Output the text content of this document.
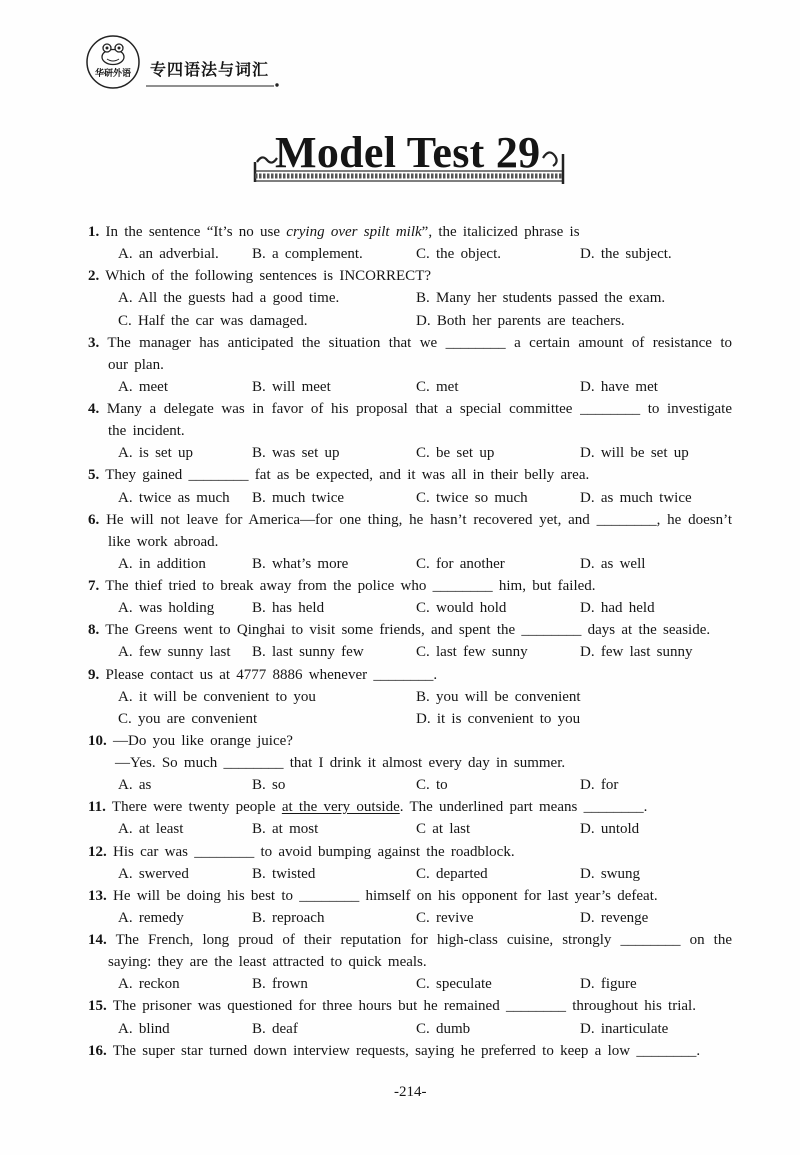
华研外语 专四语法与词汇
Model Test 29
1. In the sentence “It’s no use crying over spilt milk”, the italicized phrase is
A. an adverbial. B. a complement.	C. the object.	D. the subject.
2. Which of the following sentences is INCORRECT?
A. All the guests had a good time.	B. Many her students passed the exam.
C. Half the car was damaged.	D. Both her parents are teachers.
3. The manager has anticipated the situation that we ________ a certain amount of resistance to
our plan.
A. meet	B. will meet	C. met	D. have met
4. Many a delegate was in favor of his proposal that a special committee ________ to investigate
the incident.
A. is set up	B. was set up	C. be set up	D. will be set up
5. They gained ________ fat as be expected, and it was all in their belly area.
A. twice as much B. much twice	C. twice so much	D. as much twice
6. He will not leave for America—for one thing, he hasn’t recovered yet, and ________, he doesn’t
like work abroad.
A. in addition	B. what’s more	C. for another	D. as well
7. The thief tried to break away from the police who ________ him, but failed.
A. was holding	B. has held	C. would hold	D. had held
8. The Greens went to Qinghai to visit some friends, and spent the ________ days at the seaside.
A. few sunny last B. last sunny few	C. last few sunny	D. few last sunny
9. Please contact us at 4777 8886 whenever ________.
A. it will be convenient to you	B. you will be convenient
C. you are convenient	D. it is convenient to you
10. —Do you like orange juice?
—Yes. So much ________ that I drink it almost every day in summer.
A. as	B. so	C. to	D. for
11. There were twenty people at the very outside. The underlined part means ________.
A. at least	B. at most	C at last	D. untold
12. His car was ________ to avoid bumping against the roadblock.
A. swerved	B. twisted	C. departed	D. swung
13. He will be doing his best to ________ himself on his opponent for last year’s defeat.
A. remedy	B. reproach	C. revive	D. revenge
14. The French, long proud of their reputation for high-class cuisine, strongly ________ on the
saying: they are the least attracted to quick meals.
A. reckon	B. frown	C. speculate	D. figure
15. The prisoner was questioned for three hours but he remained ________ throughout his trial.
A. blind	B. deaf	C. dumb	D. inarticulate
16. The super star turned down interview requests, saying he preferred to keep a low ________.
-214-
